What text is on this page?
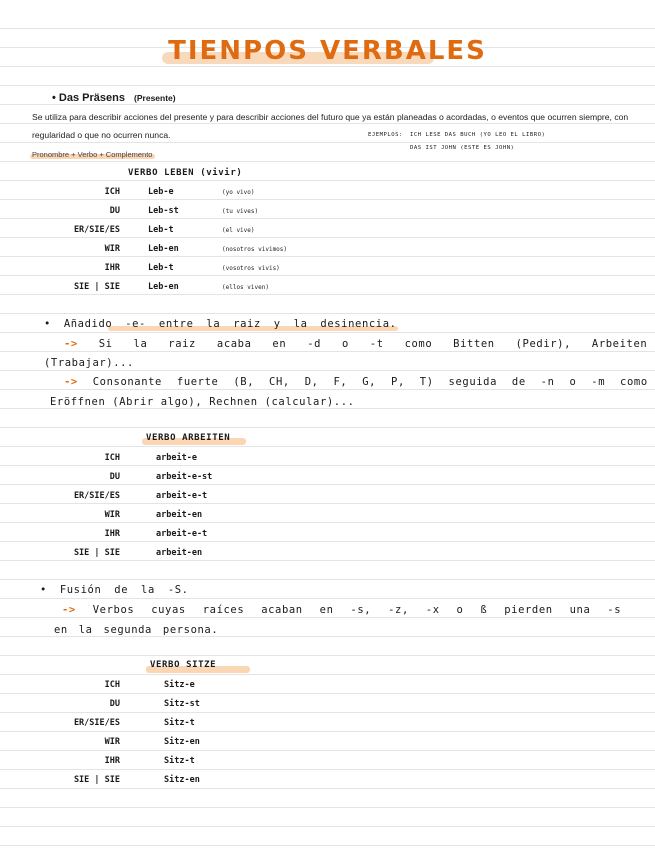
TIENPOS VERBALES
• Das Präsens (Presente)
Se utiliza para describir acciones del presente y para describir acciones del futuro que ya están planeadas o acordadas, o eventos que ocurren siempre, con
regularidad o que no ocurren nunca.	EJEMPLOS: ICH LESE DAS BUCH (YO LEO EL LIBRO)
DAS IST JOHN (ESTE ES JOHN)
Pronombre + Verbo + Complemento
VERBO LEBEN (vivir)
ICH	Leb-e	(yo vivo)
DU	Leb-st	(tu vives)
ER/SIE/ES	Leb-t	(el vive)
WIR	Leb-en	(nosotros vivimos)
IHR	Leb-t	(vosotros vivis)
SIE | SIE	Leb-en	(ellos viven)
• Añadido -e- entre la raiz y la desinencia.
-> Si la raiz acaba en -d o -t como Bitten (Pedir), Arbeiten
(Trabajar)...
-> Consonante fuerte (B, CH, D, F, G, P, T) seguida de -n o -m como
Eröffnen (Abrir algo), Rechnen (calcular)...
VERBO ARBEITEN
ICH	arbeit-e
DU	arbeit-e-st
ER/SIE/ES	arbeit-e-t
WIR	arbeit-en
IHR	arbeit-e-t
SIE | SIE	arbeit-en
• Fusión de la -S.
-> Verbos cuyas raíces acaban en -s, -z, -x o ß pierden una -s
en la segunda persona.
VERBO SITZE
ICH	Sitz-e
DU	Sitz-st
ER/SIE/ES	Sitz-t
WIR	Sitz-en
IHR	Sitz-t
SIE | SIE	Sitz-en
